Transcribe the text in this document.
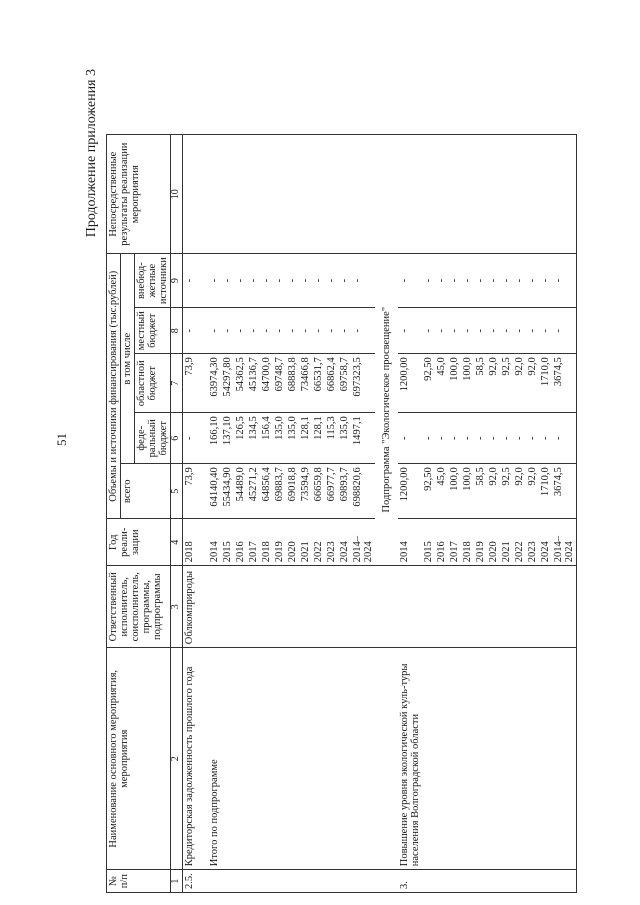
51
Продолжение приложения 3
№ п/п	Наименование основного мероприятия, мероприятия	Ответственный исполнитель, соисполнитель, программы, подпрограммы	Год реали-зации	Объемы и источники финансирования (тыс.рублей)					Непосредственные результаты реализации мероприятия
				всего	в том числе				
					феде-ральный бюджет	областной бюджет	местный бюджет	внебюд-жетные источники	
1	2	3	4	5	6	7	8	9	10
2.5.	Кредиторская задолженность прошлого года	Облкомприроды	2018	73,9	-	73,9	-	-	

	Итого по подпрограмме		2014	64140,40	166,10	63974,30	-	-	
			2015	55434,90	137,10	54297,80	-	-	
			2016	54489,0	126,5	54362,5	-	-	
			2017	45271,2	134,5	45136,7	-	-	
			2018	64856,4	156,4	64700,0	-	-	
			2019	69883,7	135,0	69748,7	-	-	
			2020	69018,8	135,0	68883,8	-	-	
			2021	73594,9	128,1	73466,8	-	-	
			2022	66659,8	128,1	66531,7	-	-	
			2023	66977,7	115,3	66862,4	-	-	
			2024	69893,7	135,0	69758,7	-	-	
			2014–2024	698820,6	1497,1	697323,5	-	-	
			Подпрограмма "Экологическое просвещение"						
3.	Повышение уровня экологической куль-туры населения Волгоградской области		2014	1200,00	-	1200,00	-	-	
			2015	92,50	-	92,50	-	-	
			2016	45,0	-	45,0	-	-	
			2017	100,0	-	100,0	-	-	
			2018	100,0	-	100,0	-	-	
			2019	58,5	-	58,5	-	-	
			2020	92,0	-	92,0	-	-	
			2021	92,5	-	92,5	-	-	
			2022	92,0	-	92,0	-	-	
			2023	92,0	-	92,0	-	-	
			2024	1710,0	-	1710,0	-	-	
			2014–2024	3674,5	-	3674,5	-	-	
